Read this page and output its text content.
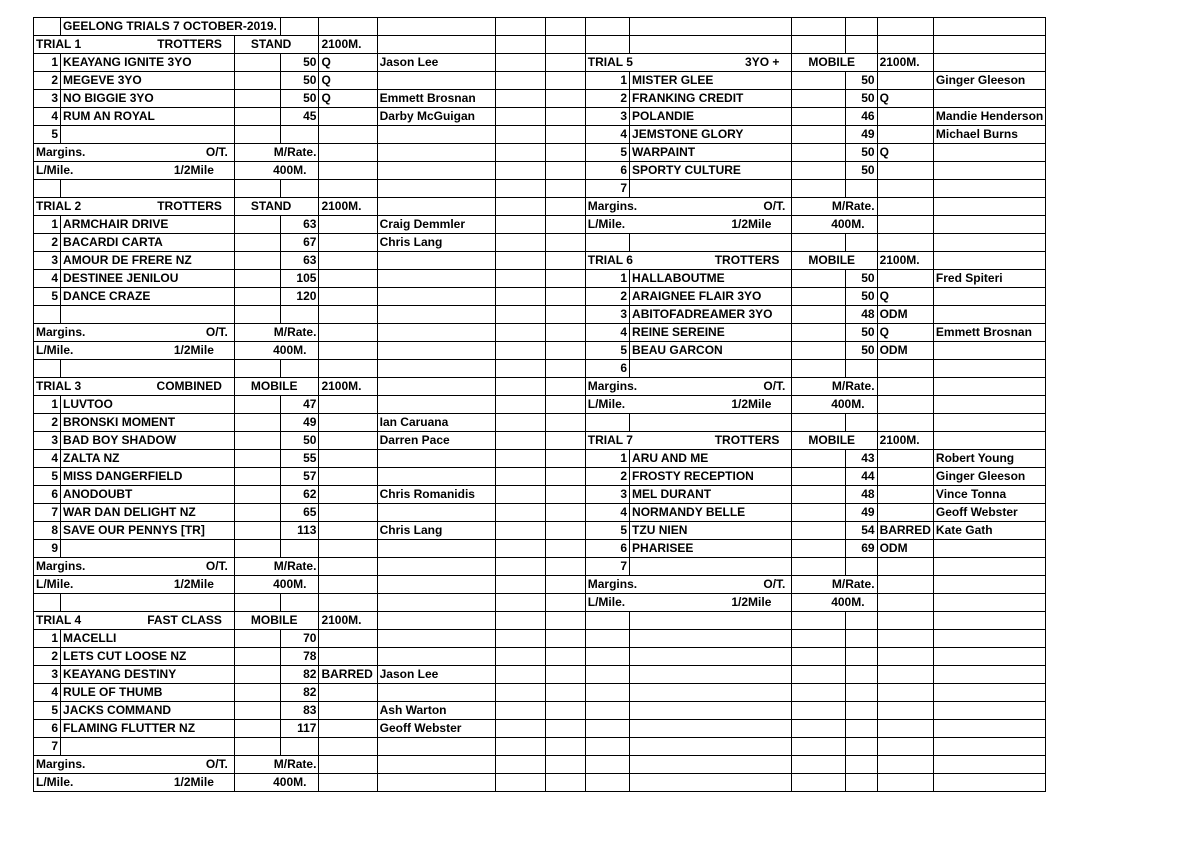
	GEELONG TRIALS 7 OCTOBER-2019.												

TRIAL 1 TROTTERS		STAND		2100M.									
1	KEAYANG IGNITE 3YO		50	Q	Jason Lee			TRIAL 5 3YO +		MOBILE		2100M.	
2	MEGEVE 3YO		50	Q				1	MISTER GLEE		50		Ginger Gleeson
3	NO BIGGIE 3YO		50	Q	Emmett Brosnan			2	FRANKING CREDIT		50	Q	
4	RUM AN ROYAL		45		Darby McGuigan			3	POLANDIE		46		Mandie Henderson
5								4	JEMSTONE GLORY		49		Michael Burns

Margins. O/T.		M/Rate.						5	WARPAINT		50	Q	

L/Mile. 1/2Mile		400M.						6	SPORTY CULTURE		50		
								7					

TRIAL 2 TROTTERS		STAND		2100M.				Margins. O/T.		M/Rate.			

1	ARMCHAIR DRIVE		63		Craig Demmler			L/Mile. 1/2Mile		400M.			

2	BACARDI CARTA		67		Chris Lang								
3	AMOUR DE FRERE NZ		63					TRIAL 6 TROTTERS		MOBILE		2100M.	
4	DESTINEE JENILOU		105					1	HALLABOUTME		50		Fred Spiteri
5	DANCE CRAZE		120					2	ARAIGNEE FLAIR 3YO		50	Q	
								3	ABITOFADREAMER 3YO		48	ODM	

Margins. O/T.		M/Rate.						4	REINE SEREINE		50	Q	Emmett Brosnan

L/Mile. 1/2Mile		400M.						5	BEAU GARCON		50	ODM	
								6					

TRIAL 3 COMBINED		MOBILE		2100M.				Margins. O/T.		M/Rate.			

1	LUVTOO		47					L/Mile. 1/2Mile		400M.			

2	BRONSKI MOMENT		49		Ian Caruana								
3	BAD BOY SHADOW		50		Darren Pace			TRIAL 7 TROTTERS		MOBILE		2100M.	
4	ZALTA NZ		55					1	ARU AND ME		43		Robert Young
5	MISS DANGERFIELD		57					2	FROSTY RECEPTION		44		Ginger Gleeson
6	ANODOUBT		62		Chris Romanidis			3	MEL DURANT		48		Vince Tonna
7	WAR DAN DELIGHT NZ		65					4	NORMANDY BELLE		49		Geoff Webster
8	SAVE OUR PENNYS [TR]		113		Chris Lang			5	TZU NIEN		54	BARRED	Kate Gath
9								6	PHARISEE		69	ODM	

Margins. O/T.		M/Rate.						7					

L/Mile. 1/2Mile		400M.						Margins. O/T.		M/Rate.			

								L/Mile. 1/2Mile		400M.			

TRIAL 4 FAST CLASS		MOBILE		2100M.									
1	MACELLI		70										
2	LETS CUT LOOSE NZ		78										
3	KEAYANG DESTINY		82	BARRED	Jason Lee								
4	RULE OF THUMB		82										
5	JACKS COMMAND		83		Ash Warton								
6	FLAMING FLUTTER NZ		117		Geoff Webster								
7													

Margins. O/T.		M/Rate.											

L/Mile. 1/2Mile		400M.											
